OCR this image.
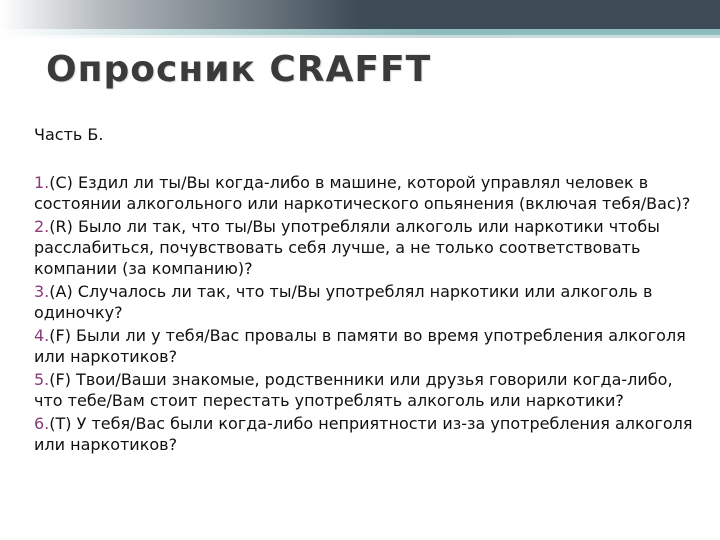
Опросник CRAFFT

Часть Б.

1.(C) Ездил ли ты/Вы когда-либо в машине, которой управлял человек в состоянии алкогольного или наркотического опьянения (включая тебя/Вас)?

2.(R) Было ли так, что ты/Вы употребляли алкоголь или наркотики чтобы расслабиться, почувствовать себя лучше, а не только соответствовать компании (за компанию)?

3.(A) Случалось ли так, что ты/Вы употреблял наркотики или алкоголь в одиночку?

4.(F) Были ли у тебя/Вас провалы в памяти во время употребления алкоголя или наркотиков?

5.(F) Твои/Ваши знакомые, родственники или друзья говорили когда-либо, что тебе/Вам стоит перестать употреблять алкоголь или наркотики?

6.(T) У тебя/Вас были когда-либо неприятности из-за употребления алкоголя или наркотиков?
